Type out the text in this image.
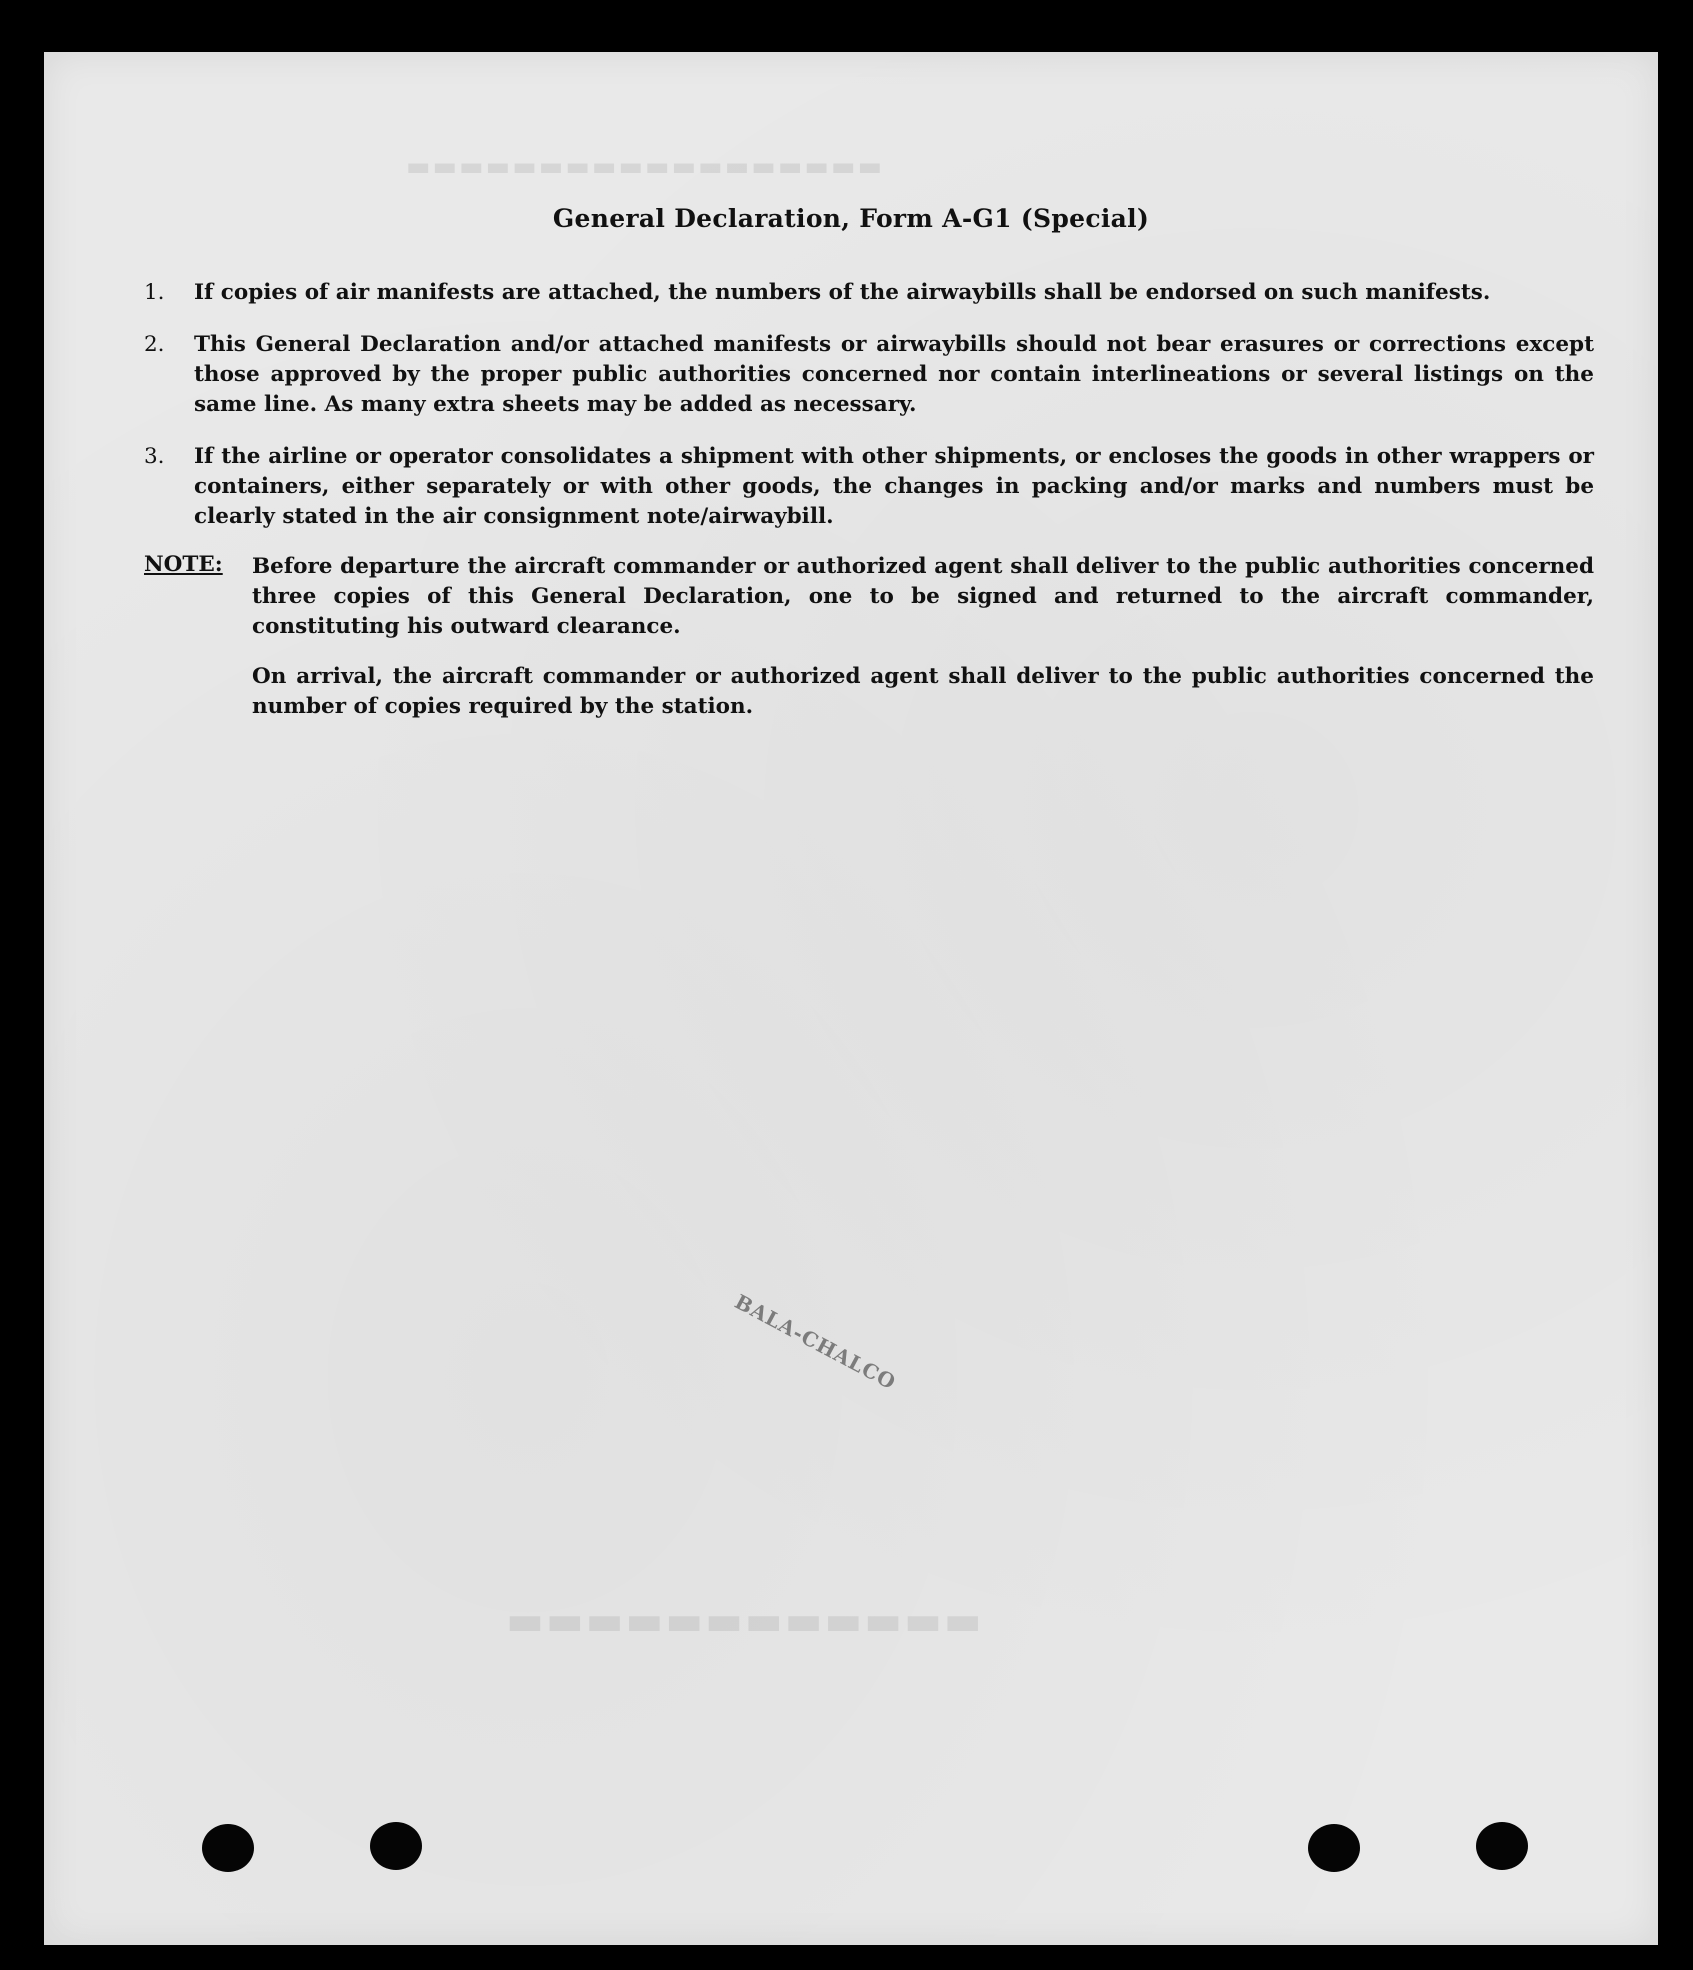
▬▬▬▬▬▬▬▬▬▬▬▬▬▬▬▬▬▬
▬▬▬▬▬▬▬▬▬▬▬▬
General Declaration, Form A-G1 (Special)
1.	If copies of air manifests are attached, the numbers of the airwaybills shall be endorsed on such manifests.
2.	This General Declaration and/or attached manifests or airwaybills should not bear erasures or corrections except those approved by the proper public authorities concerned nor contain interlineations or several listings on the same line. As many extra sheets may be added as necessary.
3.	If the airline or operator consolidates a shipment with other shipments, or encloses the goods in other wrappers or containers, either separately or with other goods, the changes in packing and/or marks and numbers must be clearly stated in the air consignment note/airwaybill.
NOTE: Before departure the aircraft commander or authorized agent shall deliver to the public authorities concerned three copies of this General Declaration, one to be signed and returned to the aircraft commander, constituting his outward clearance.
On arrival, the aircraft commander or authorized agent shall deliver to the public authorities concerned the number of copies required by the station.
BALA-CHALCO
